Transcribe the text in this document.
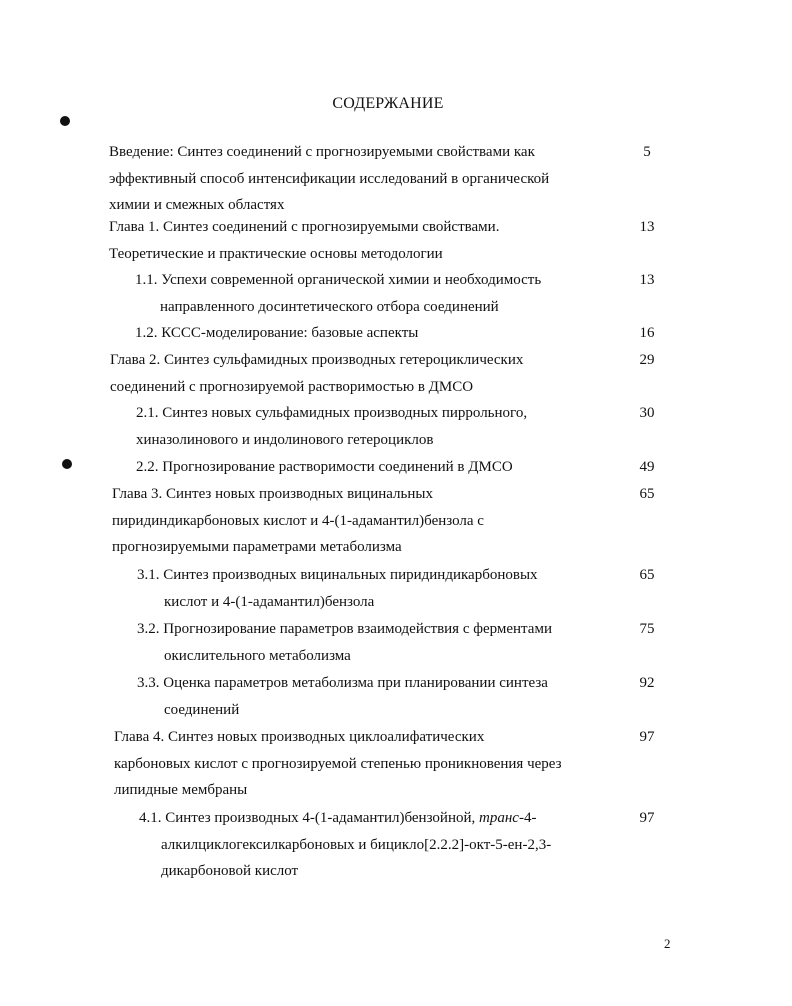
СОДЕРЖАНИЕ
Введение: Синтез соединений с прогнозируемыми свойствами как
эффективный способ интенсификации исследований в органической
химии и смежных областях
5
Глава 1. Синтез соединений с прогнозируемыми свойствами.
Теоретические и практические основы методологии
13
1.1. Успехи современной органической химии и необходимость
направленного досинтетического отбора соединений
13
1.2. КССС-моделирование: базовые аспекты	16
Глава 2. Синтез сульфамидных производных гетероциклических
соединений с прогнозируемой растворимостью в ДМСО
29
2.1. Синтез новых сульфамидных производных пиррольного,
хиназолинового и индолинового гетероциклов
30
2.2. Прогнозирование растворимости соединений в ДМСО	49
Глава 3. Синтез новых производных вицинальных
пиридиндикарбоновых кислот и 4-(1-адамантил)бензола с
прогнозируемыми параметрами метаболизма
65
3.1. Синтез производных вицинальных пиридиндикарбоновых
кислот и 4-(1-адамантил)бензола
65
3.2. Прогнозирование параметров взаимодействия с ферментами
окислительного метаболизма
75
3.3. Оценка параметров метаболизма при планировании синтеза
соединений
92
Глава 4. Синтез новых производных циклоалифатических
карбоновых кислот с прогнозируемой степенью проникновения через
липидные мембраны
97
4.1. Синтез производных 4-(1-адамантил)бензойной, транс-4-
алкилциклогексилкарбоновых и бицикло[2.2.2]-окт-5-ен-2,3-
дикарбоновой кислот
97
2
